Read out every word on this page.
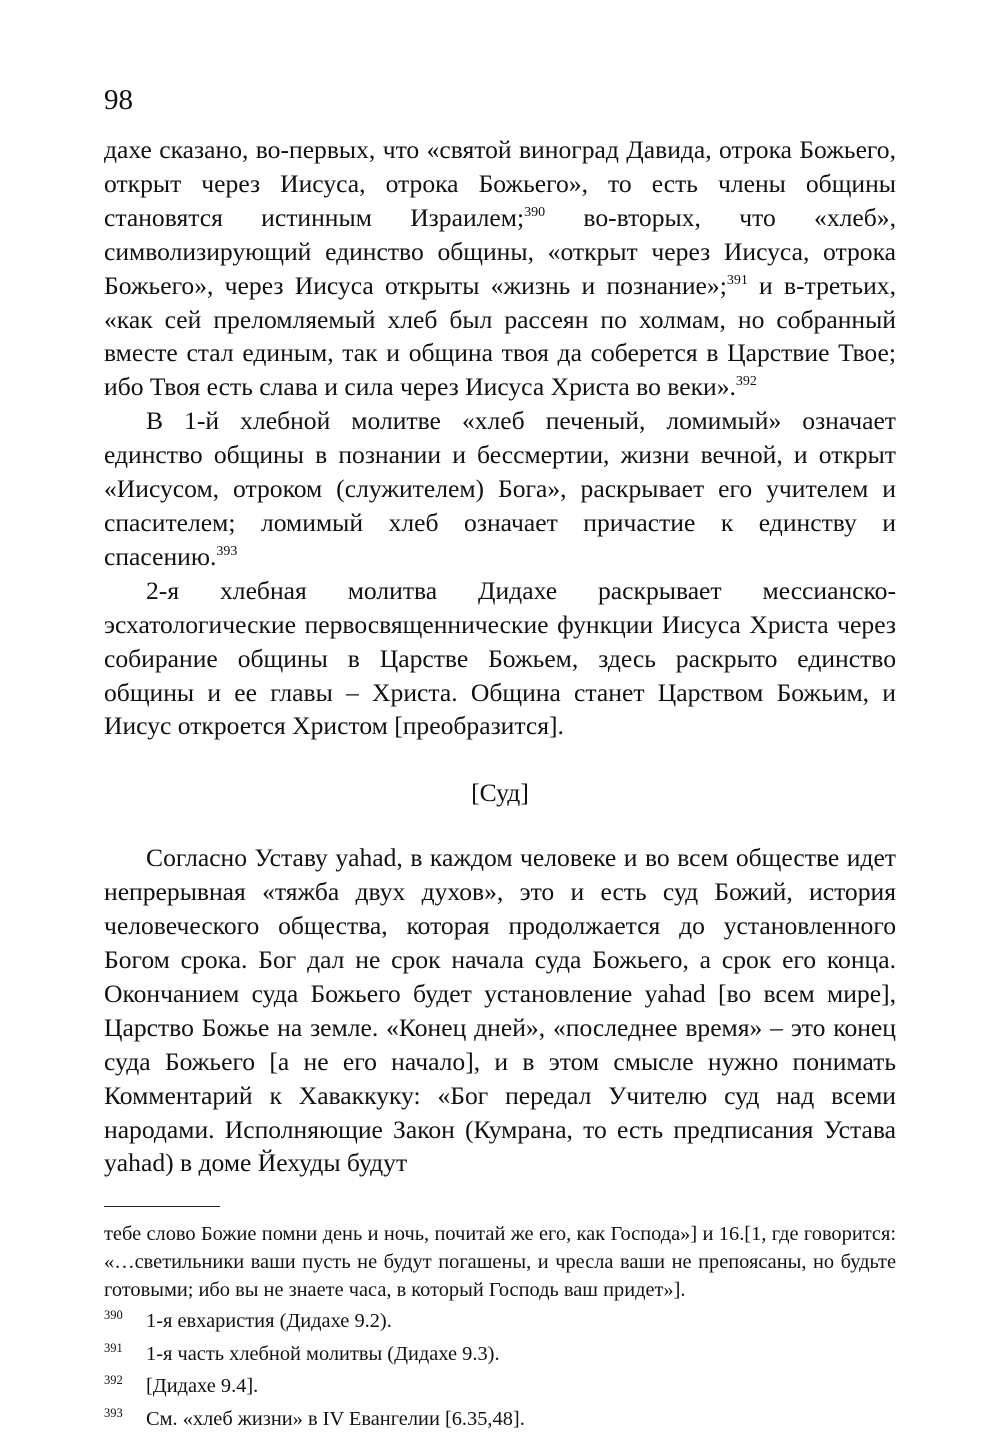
98

дахе сказано, во-первых, что «святой виноград Давида, отрока Божьего, открыт через Иисуса, отрока Божьего», то есть члены общины становятся истинным Израилем;$^{390}$ во-вторых, что «хлеб», символизирующий единство общины, «открыт через Иисуса, отрока Божьего», через Иисуса открыты «жизнь и познание»;$^{391}$ и в-третьих, «как сей преломляемый хлеб был рассеян по холмам, но собранный вместе стал единым, так и община твоя да соберется в Царствие Твое; ибо Твоя есть слава и сила через Иисуса Христа во веки».$^{392}$

В 1-й хлебной молитве «хлеб печеный, ломимый» означает единство общины в познании и бессмертии, жизни вечной, и открыт «Иисусом, отроком (служителем) Бога», раскрывает его учителем и спасителем; ломимый хлеб означает причастие к единству и спасению.$^{393}$

2-я хлебная молитва Дидахе раскрывает мессианско-эсхатологические первосвященнические функции Иисуса Христа через собирание общины в Царстве Божьем, здесь раскрыто единство общины и ее главы – Христа. Община станет Царством Божьим, и Иисус откроется Христом [преобразится].

[Суд]

Согласно Уставу yahad, в каждом человеке и во всем обществе идет непрерывная «тяжба двух духов», это и есть суд Божий, история человеческого общества, которая продолжается до установленного Богом срока. Бог дал не срок начала суда Божьего, а срок его конца. Окончанием суда Божьего будет установление yahad [во всем мире], Царство Божье на земле. «Конец дней», «последнее время» – это конец суда Божьего [а не его начало], и в этом смысле нужно понимать Комментарий к Хаваккуку: «Бог передал Учителю суд над всеми народами. Исполняющие Закон (Кумрана, то есть предписания Устава yahad) в доме Йехуды будут

тебе слово Божие помни день и ночь, почитай же его, как Господа»] и 16.[1, где говорится: «…светильники ваши пусть не будут погашены, и чресла ваши не препоясаны, но будьте готовыми; ибо вы не знаете часа, в который Господь ваш придет»].

390	1-я евхаристия (Дидахе 9.2).
391	1-я часть хлебной молитвы (Дидахе 9.3).
392	[Дидахе 9.4].
393	См. «хлеб жизни» в IV Евангелии [6.35,48].
